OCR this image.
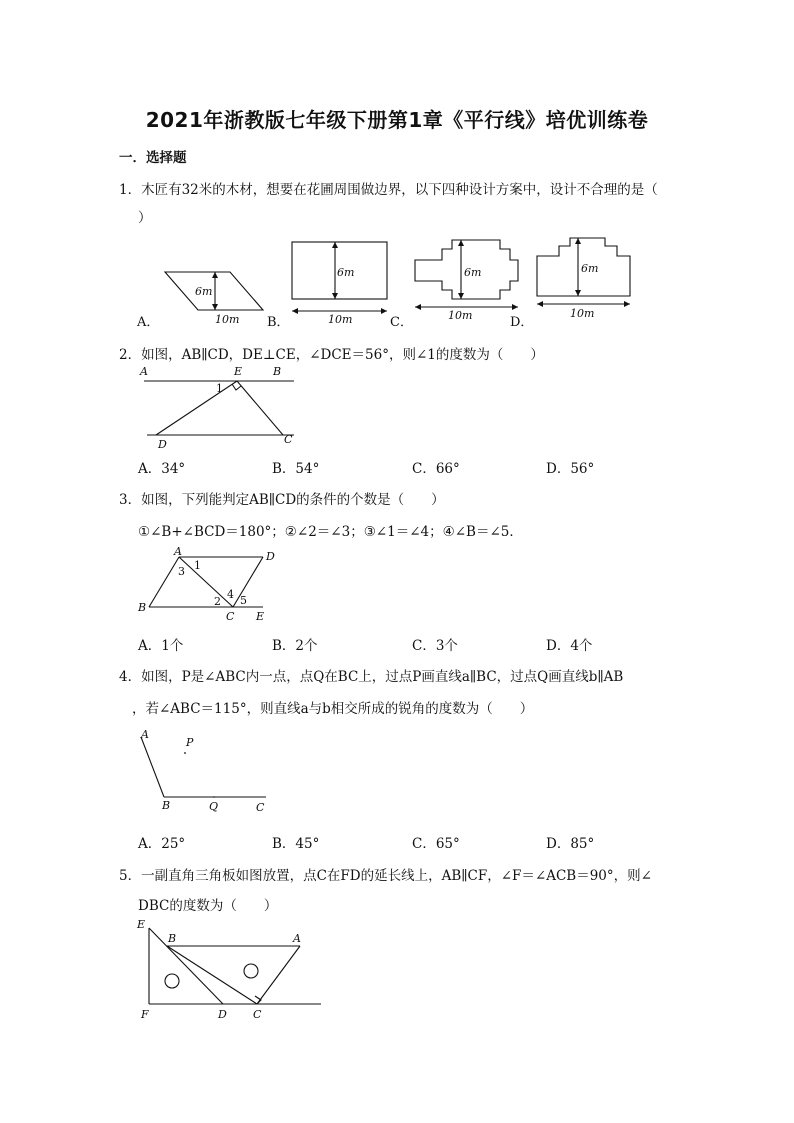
2021年浙教版七年级下册第1章《平行线》培优训练卷
一．选择题
1．木匠有32米的木材，想要在花圃周围做边界，以下四种设计方案中，设计不合理的是（
）
6m
10m
A．
6m
10m
B．
6m
10m
C．
6m
10m
D．
2．如图，AB∥CD，DE⊥CE，∠DCE＝56°，则∠1的度数为（　　）
A	E	B
1
D	C
A．34°	B．54°	C．66°	D．56°
3．如图，下列能判定AB∥CD的条件的个数是（　　）
①∠B+∠BCD＝180°；②∠2＝∠3；③∠1＝∠4；④∠B＝∠5．
A	D
B
C E
1
2
3
4 5
A．1个	B．2个	C．3个	D．4个
4．如图，P是∠ABC内一点，点Q在BC上，过点P画直线a∥BC，过点Q画直线b∥AB
，若∠ABC＝115°，则直线a与b相交所成的锐角的度数为（　　）
A
P
B	Q	C
A．25°	B．45°	C．65°	D．85°
5．一副直角三角板如图放置，点C在FD的延长线上，AB∥CF，∠F＝∠ACB＝90°，则∠
DBC的度数为（　　）
E
B	A
F	D C
